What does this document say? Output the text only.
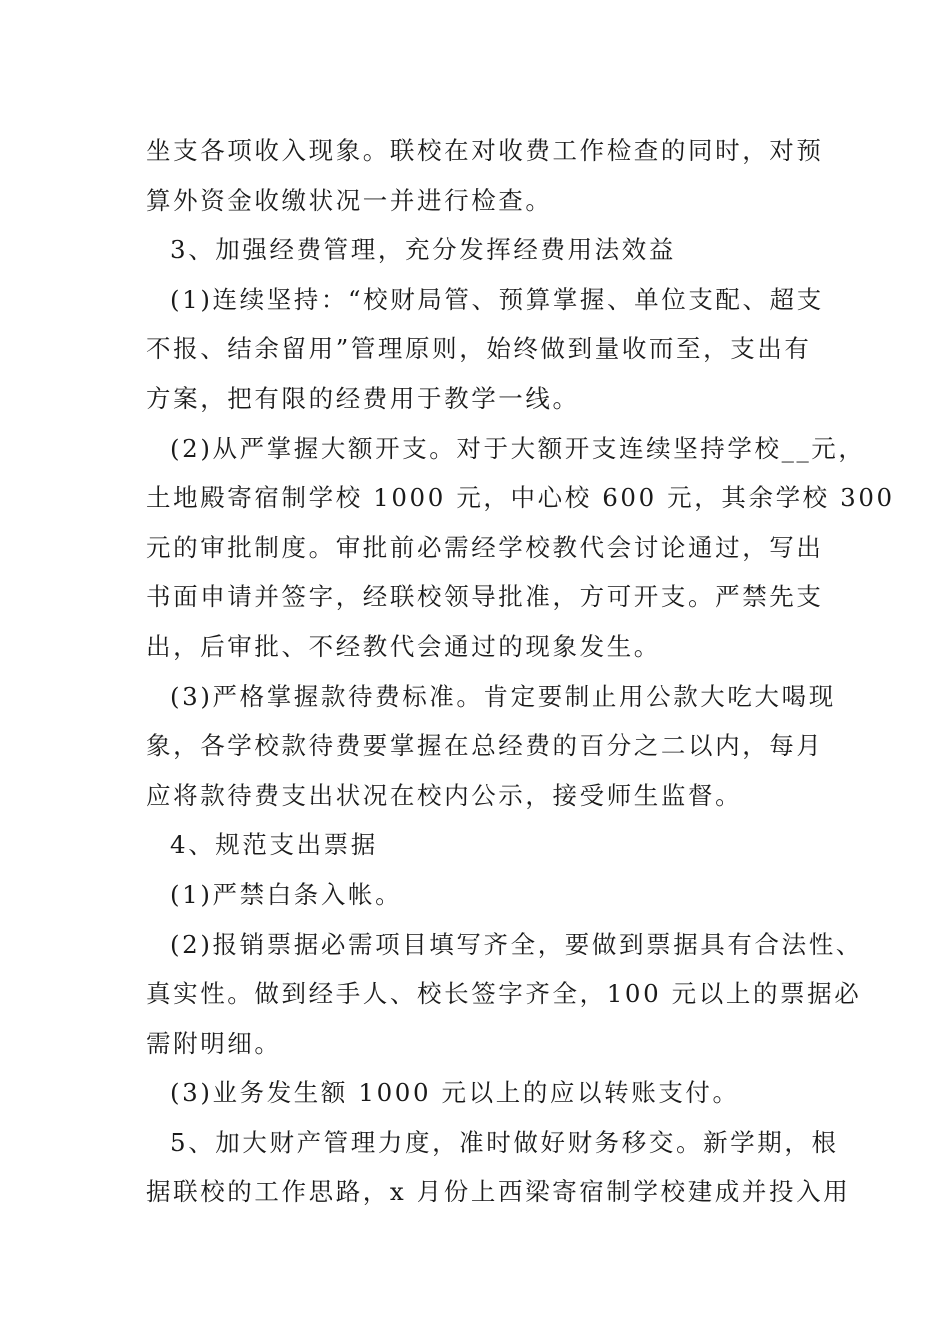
坐支各项收入现象。联校在对收费工作检查的同时，对预
算外资金收缴状况一并进行检查。
3、加强经费管理，充分发挥经费用法效益
(1)连续坚持：“校财局管、预算掌握、单位支配、超支
不报、结余留用”管理原则，始终做到量收而至，支出有
方案，把有限的经费用于教学一线。
(2)从严掌握大额开支。对于大额开支连续坚持学校__元，
土地殿寄宿制学校 1000 元，中心校 600 元，其余学校 300
元的审批制度。审批前必需经学校教代会讨论通过，写出
书面申请并签字，经联校领导批准，方可开支。严禁先支
出，后审批、不经教代会通过的现象发生。
(3)严格掌握款待费标准。肯定要制止用公款大吃大喝现
象，各学校款待费要掌握在总经费的百分之二以内，每月
应将款待费支出状况在校内公示，接受师生监督。
4、规范支出票据
(1)严禁白条入帐。
(2)报销票据必需项目填写齐全，要做到票据具有合法性、
真实性。做到经手人、校长签字齐全，100 元以上的票据必
需附明细。
(3)业务发生额 1000 元以上的应以转账支付。
5、加大财产管理力度，准时做好财务移交。新学期，根
据联校的工作思路，x 月份上西梁寄宿制学校建成并投入用
